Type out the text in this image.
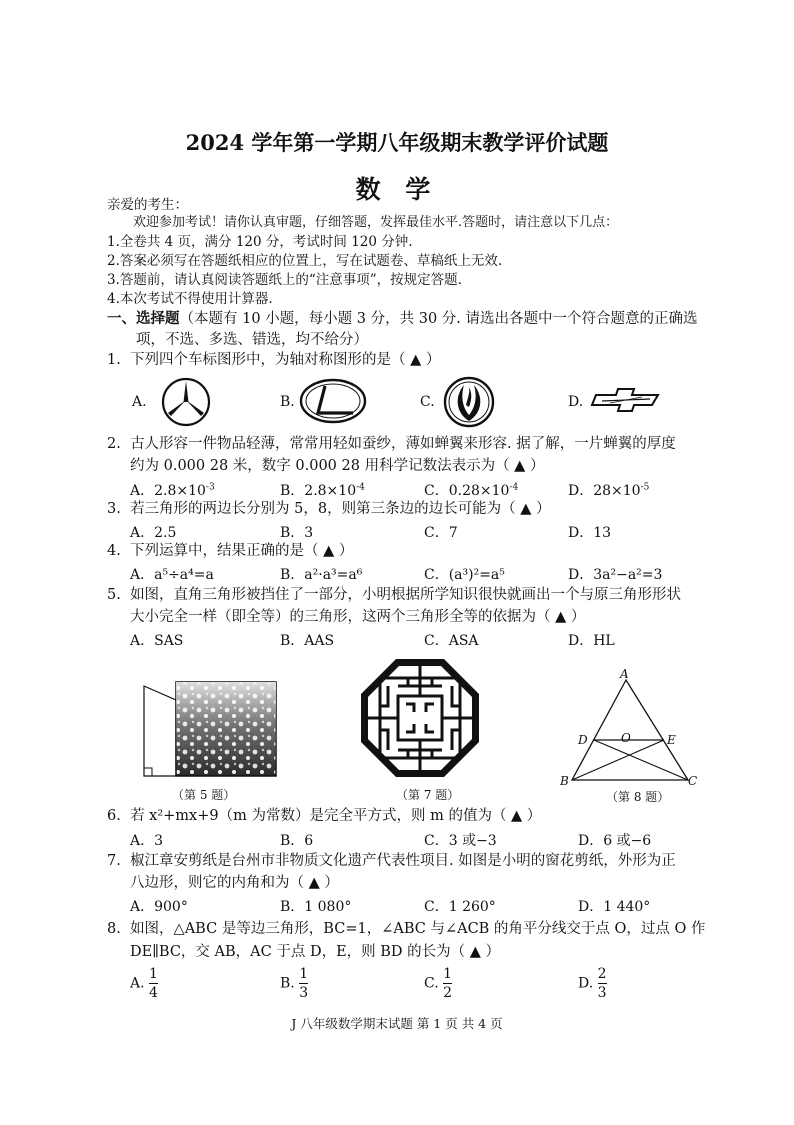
2024 学年第一学期八年级期末教学评价试题
数 学
亲爱的考生：
欢迎参加考试！请你认真审题，仔细答题，发挥最佳水平.答题时，请注意以下几点：
1.全卷共 4 页，满分 120 分，考试时间 120 分钟.
2.答案必须写在答题纸相应的位置上，写在试题卷、草稿纸上无效.
3.答题前，请认真阅读答题纸上的“注意事项”，按规定答题.
4.本次考试不得使用计算器.
一、选择题（本题有 10 小题，每小题 3 分，共 30 分. 请选出各题中一个符合题意的正确选
项，不选、多选、错选，均不给分）
1. 下列四个车标图形中，为轴对称图形的是（ ▲ ）
A.	B.	C.	D.
2. 古人形容一件物品轻薄，常常用轻如蚕纱，薄如蝉翼来形容. 据了解，一片蝉翼的厚度
约为 0.000 28 米，数字 0.000 28 用科学记数法表示为（ ▲ ）
A．$2.8\times 10^{-3}$	B．$2.8\times 10^{-4}$	C．$0.28\times 10^{-4}$	D．$28\times 10^{-5}$
3. 若三角形的两边长分别为 5，8，则第三条边的边长可能为（ ▲ ）
A．2.5	B．3	C．7	D．13
4. 下列运算中，结果正确的是（ ▲ ）
A．a⁵÷a⁴=a	B．a²·a³=a⁶	C．(a³)²=a⁵	D．3a²−a²=3
5. 如图，直角三角形被挡住了一部分，小明根据所学知识很快就画出一个与原三角形形状
大小完全一样（即全等）的三角形，这两个三角形全等的依据为（ ▲ ）
A．SAS	B．AAS	C．ASA	D．HL
（第 5 题）	（第 7 题）
A
D	O	E
B	C
（第 8 题）
6. 若 x²+mx+9（m 为常数）是完全平方式，则 m 的值为（ ▲ ）
A．3	B．6	C．3 或−3	D．6 或−6
7. 椒江章安剪纸是台州市非物质文化遗产代表性项目. 如图是小明的窗花剪纸，外形为正
八边形，则它的内角和为（ ▲ ）
A．900°	B．1 080°	C．1 260°	D．1 440°
8. 如图，△ABC 是等边三角形，BC=1，∠ABC 与∠ACB 的角平分线交于点 O，过点 O 作
DE∥BC，交 AB，AC 于点 D，E，则 BD 的长为（ ▲ ）
A. $\frac{1}{4}$	B. $\frac{1}{3}$	C. $\frac{1}{2}$	D. $\frac{2}{3}$
J 八年级数学期末试题 第 1 页 共 4 页
